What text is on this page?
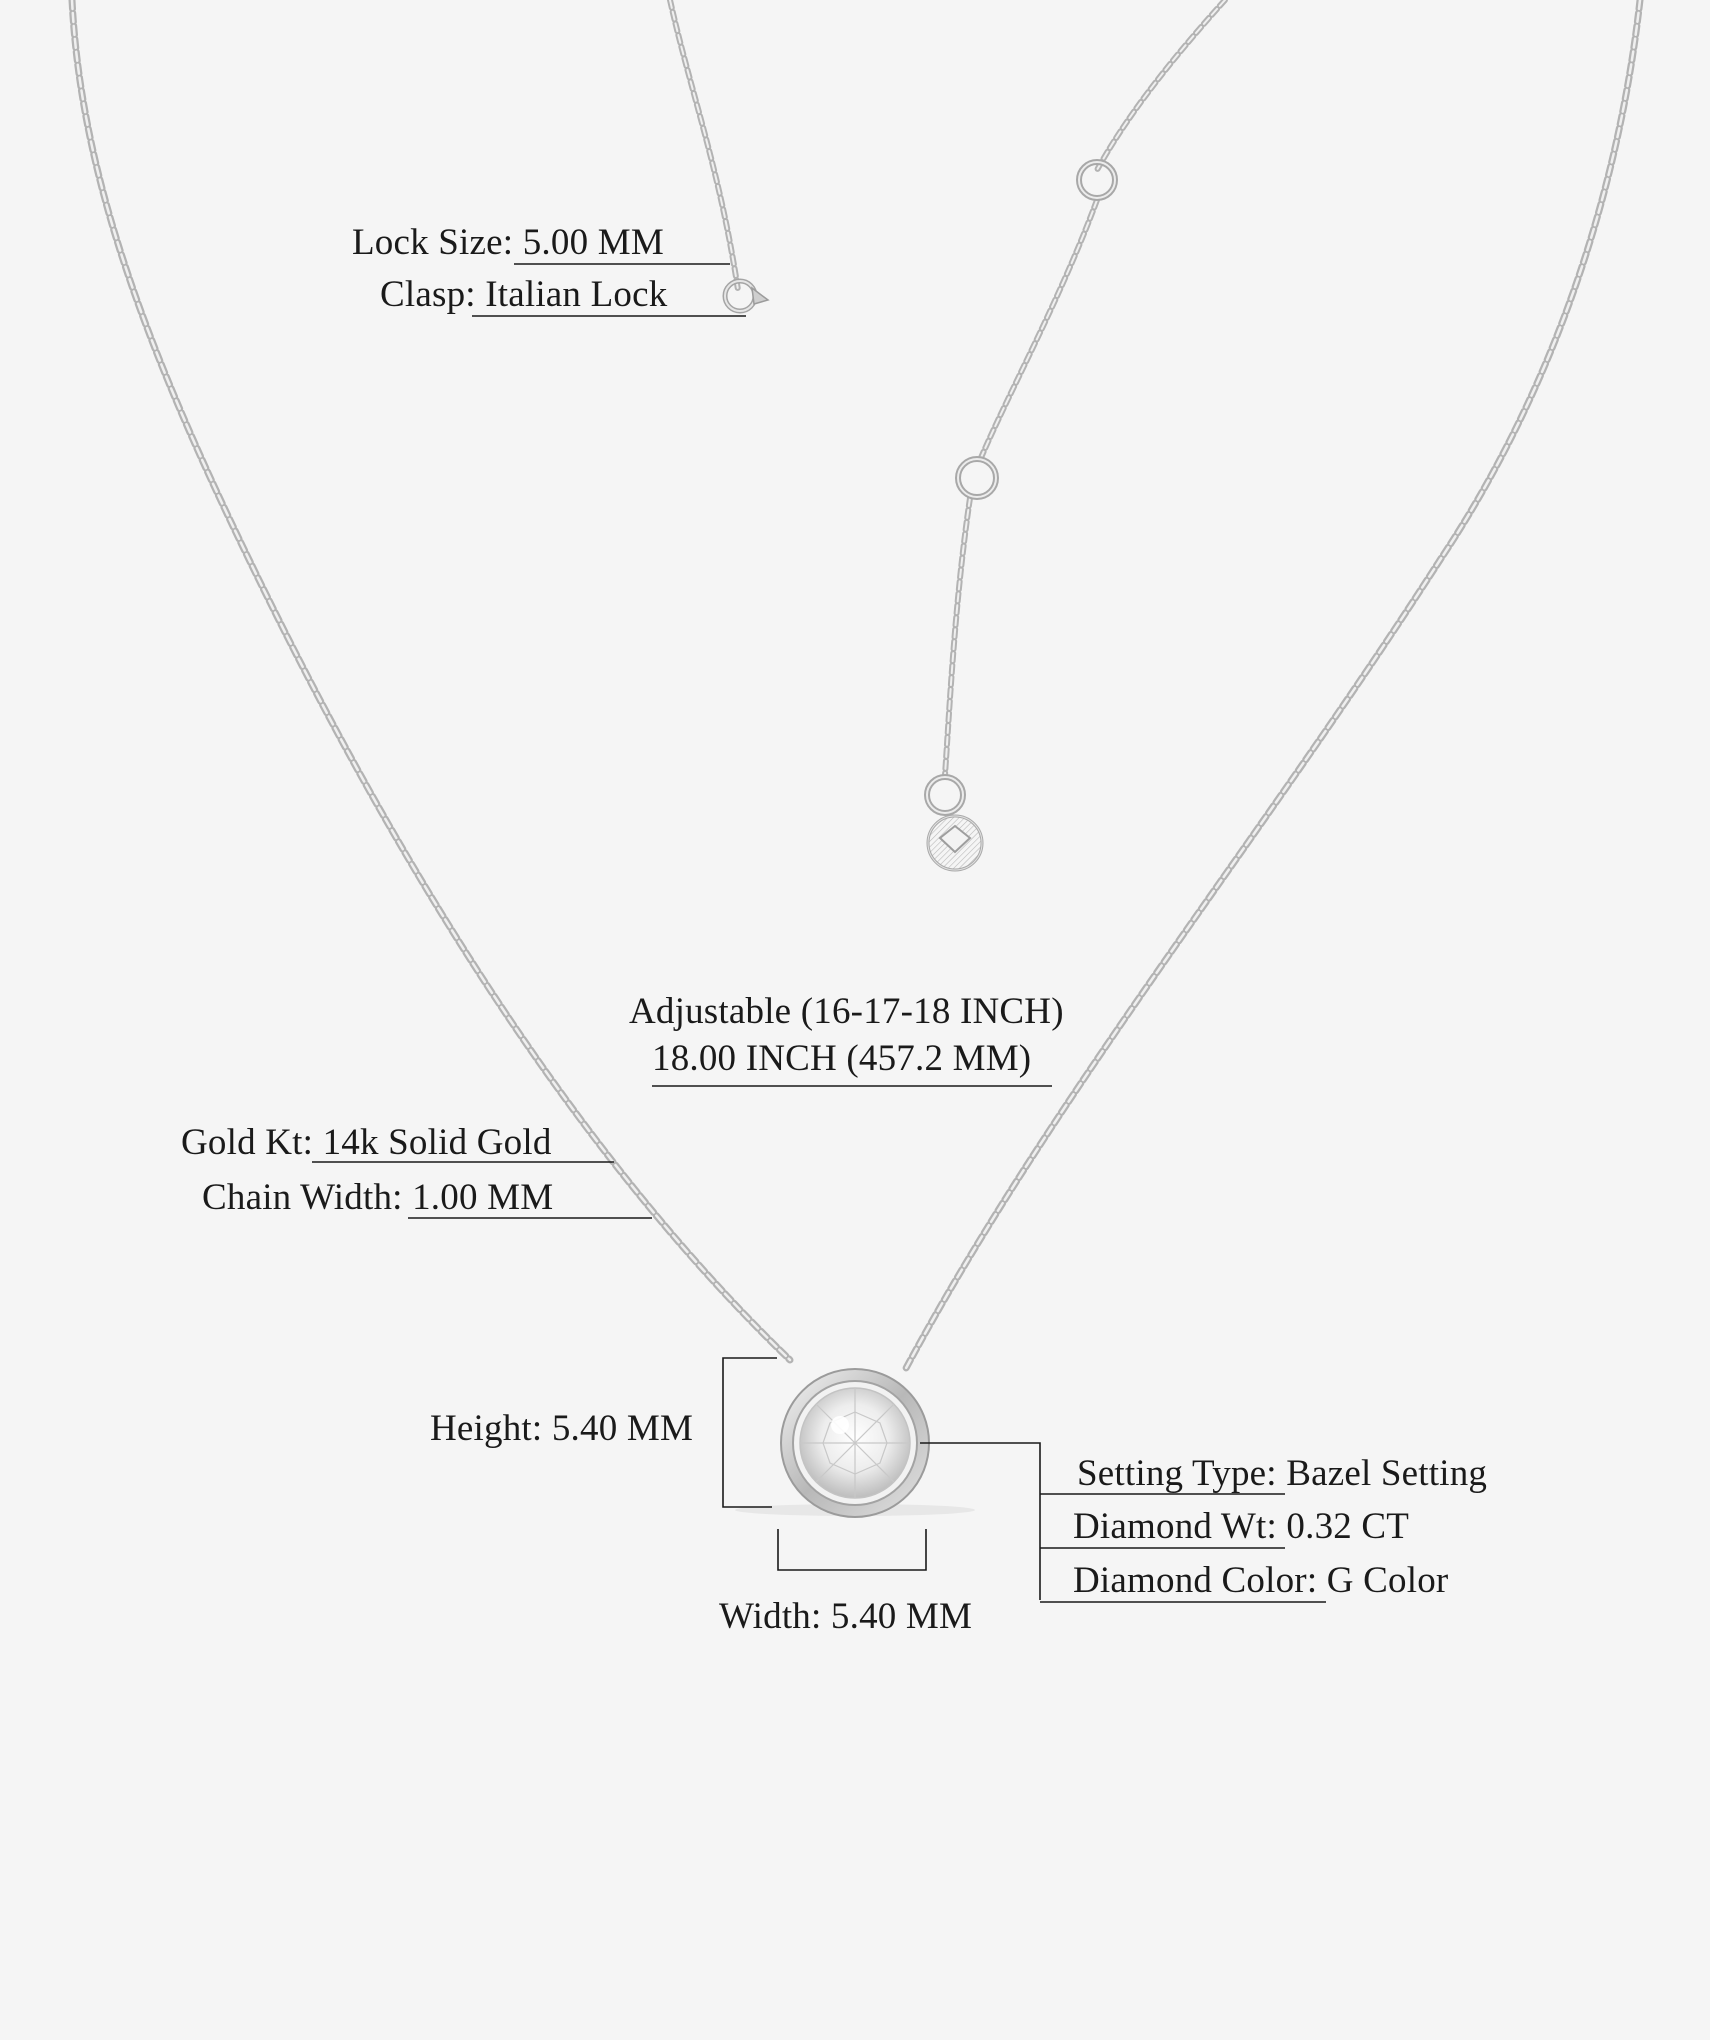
Lock Size: 5.00 MM
Clasp: Italian Lock
Adjustable (16-17-18 INCH)
18.00 INCH (457.2 MM)
Gold Kt: 14k Solid Gold
Chain Width: 1.00 MM
Height: 5.40 MM
Width: 5.40 MM
Setting Type: Bazel Setting
Diamond Wt: 0.32 CT
Diamond Color: G Color
